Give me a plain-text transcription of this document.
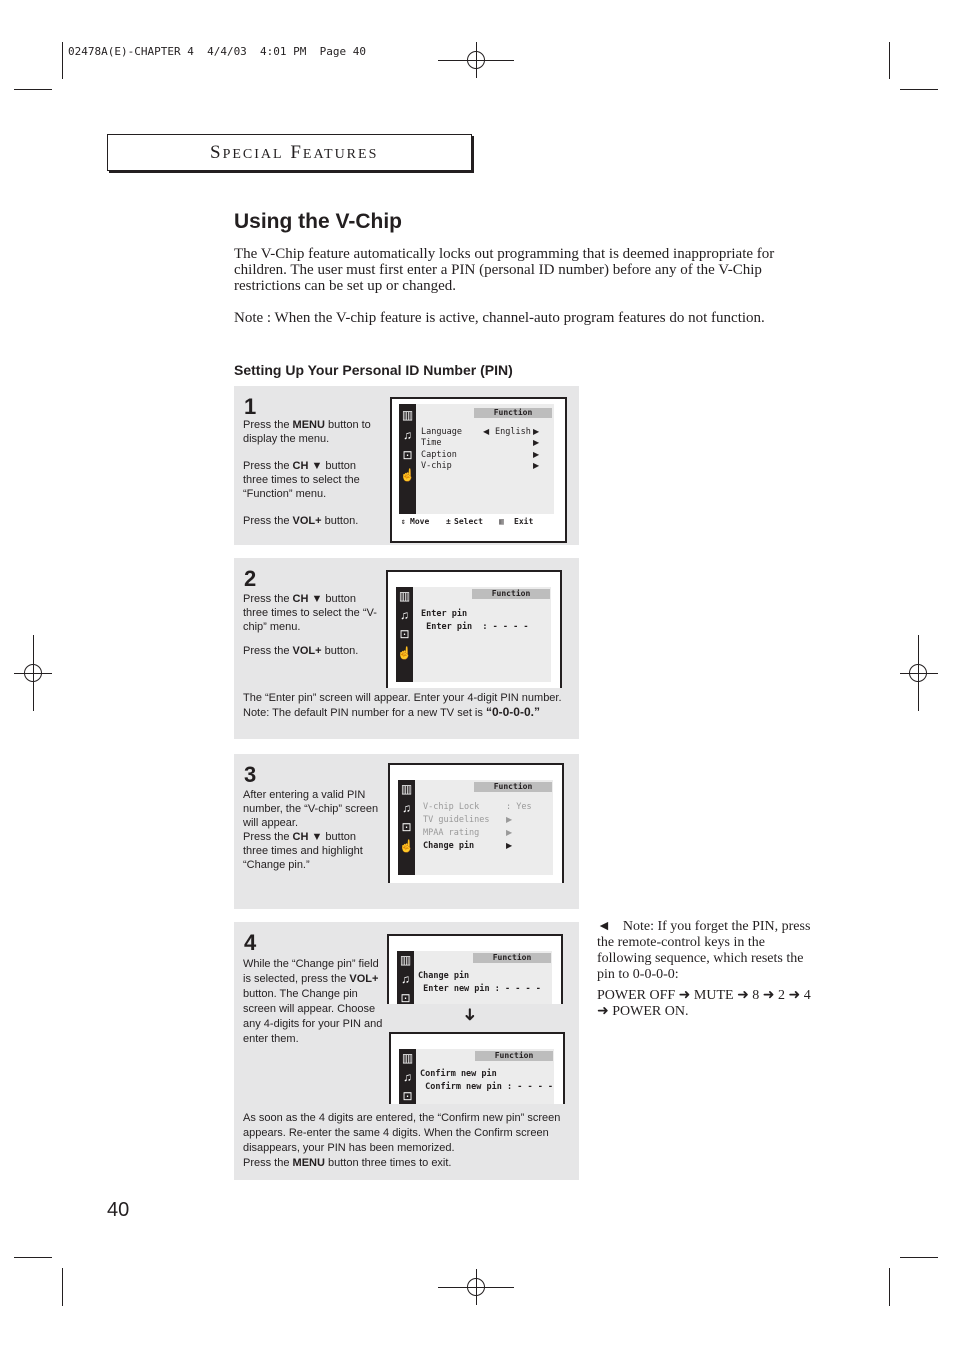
02478A(E)-CHAPTER 4  4/4/03  4:01 PM  Page 40
SPECIAL FEATURES
Using the V-Chip
The V-Chip feature automatically locks out programming that is deemed inappropriate for children. The user must first enter a PIN (personal ID number) before any of the V-Chip restrictions can be set up or changed.
Note : When the V-chip feature is active, channel-auto program features do not function.
Setting Up Your Personal ID Number (PIN)
1
Press the MENU button to display the menu.
Press the CH ▼ button three times to select the “Function” menu.
Press the VOL+ button.
▥
♫
⊡
☝
Function
Language
Time
Caption
V-chip
◀ English ▶
▶
▶
▶
⇕ Move ± Select ▥ Exit
2
Press the CH ▼ button three times to select the “V-chip” menu.
Press the VOL+ button.
The “Enter pin” screen will appear. Enter your 4-digit PIN number. Note: The default PIN number for a new TV set is “0-0-0-0.”
▥
♫
⊡
☝
Function
Enter pin
Enter pin  : - - - -
3
After entering a valid PIN number, the “V-chip” screen will appear.
Press the CH ▼ button three times and highlight “Change pin.”
▥
♫
⊡
☝
Function
V-chip Lock	: Yes
TV guidelines
MPAA rating
Change pin
▶
▶
▶
4
While the “Change pin” field is selected, press the VOL+ button. The Change pin screen will appear. Choose any 4-digits for your PIN and enter them.
As soon as the 4 digits are entered, the “Confirm new pin” screen appears. Re-enter the same 4 digits. When the Confirm screen disappears, your PIN has been memorized.
Press the MENU button three times to exit.
▥
♫
⊡
Function
Change pin
Enter new pin : - - - -
➜
▥
♫
⊡
Function
Confirm new pin
Confirm new pin : - - - -
◄ Note: If you forget the PIN, press the remote-control keys in the following sequence, which resets the pin to 0-0-0-0:
POWER OFF ➜ MUTE ➜ 8 ➜ 2 ➜ 4 ➜ POWER ON.
40
